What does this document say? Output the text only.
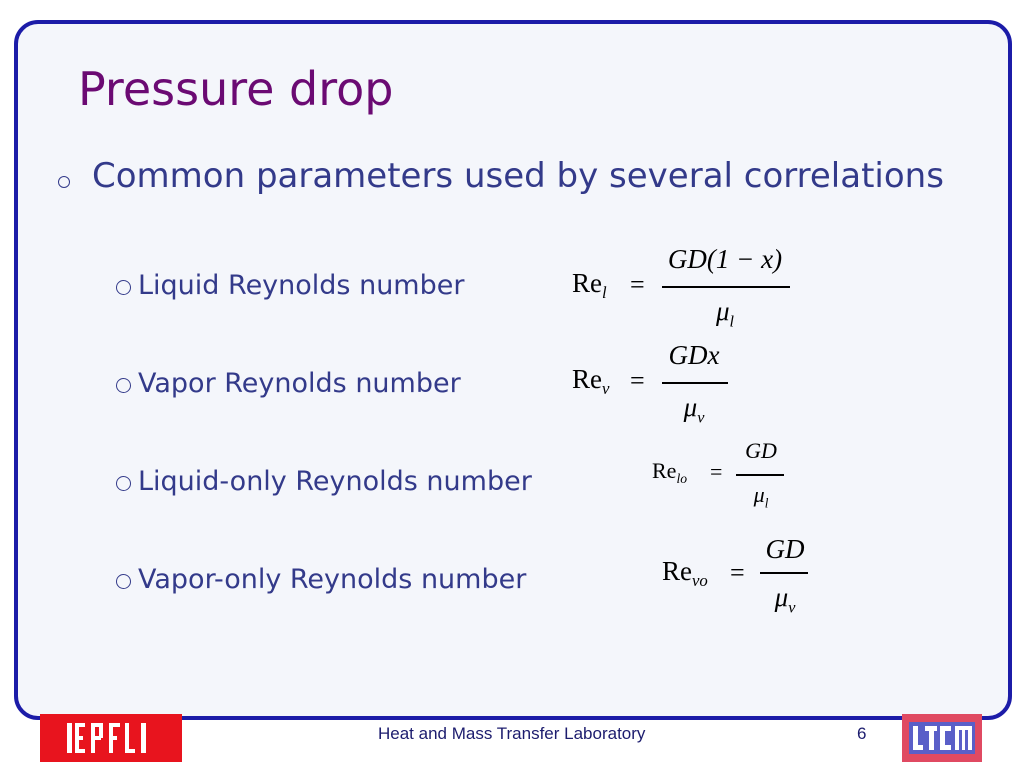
Pressure drop
Common parameters used by several correlations
Liquid Reynolds number	$Re_l$ =
GD(1 − x)
$\mu_l$
Vapor Reynolds number	$Re_v$ =
GDx
$\mu_v$
Liquid-only Reynolds number	$Re_{lo}$ =
GD
$\mu_l$
Vapor-only Reynolds number	$Re_{vo}$ =
GD
$\mu_v$
Heat and Mass Transfer Laboratory	6
